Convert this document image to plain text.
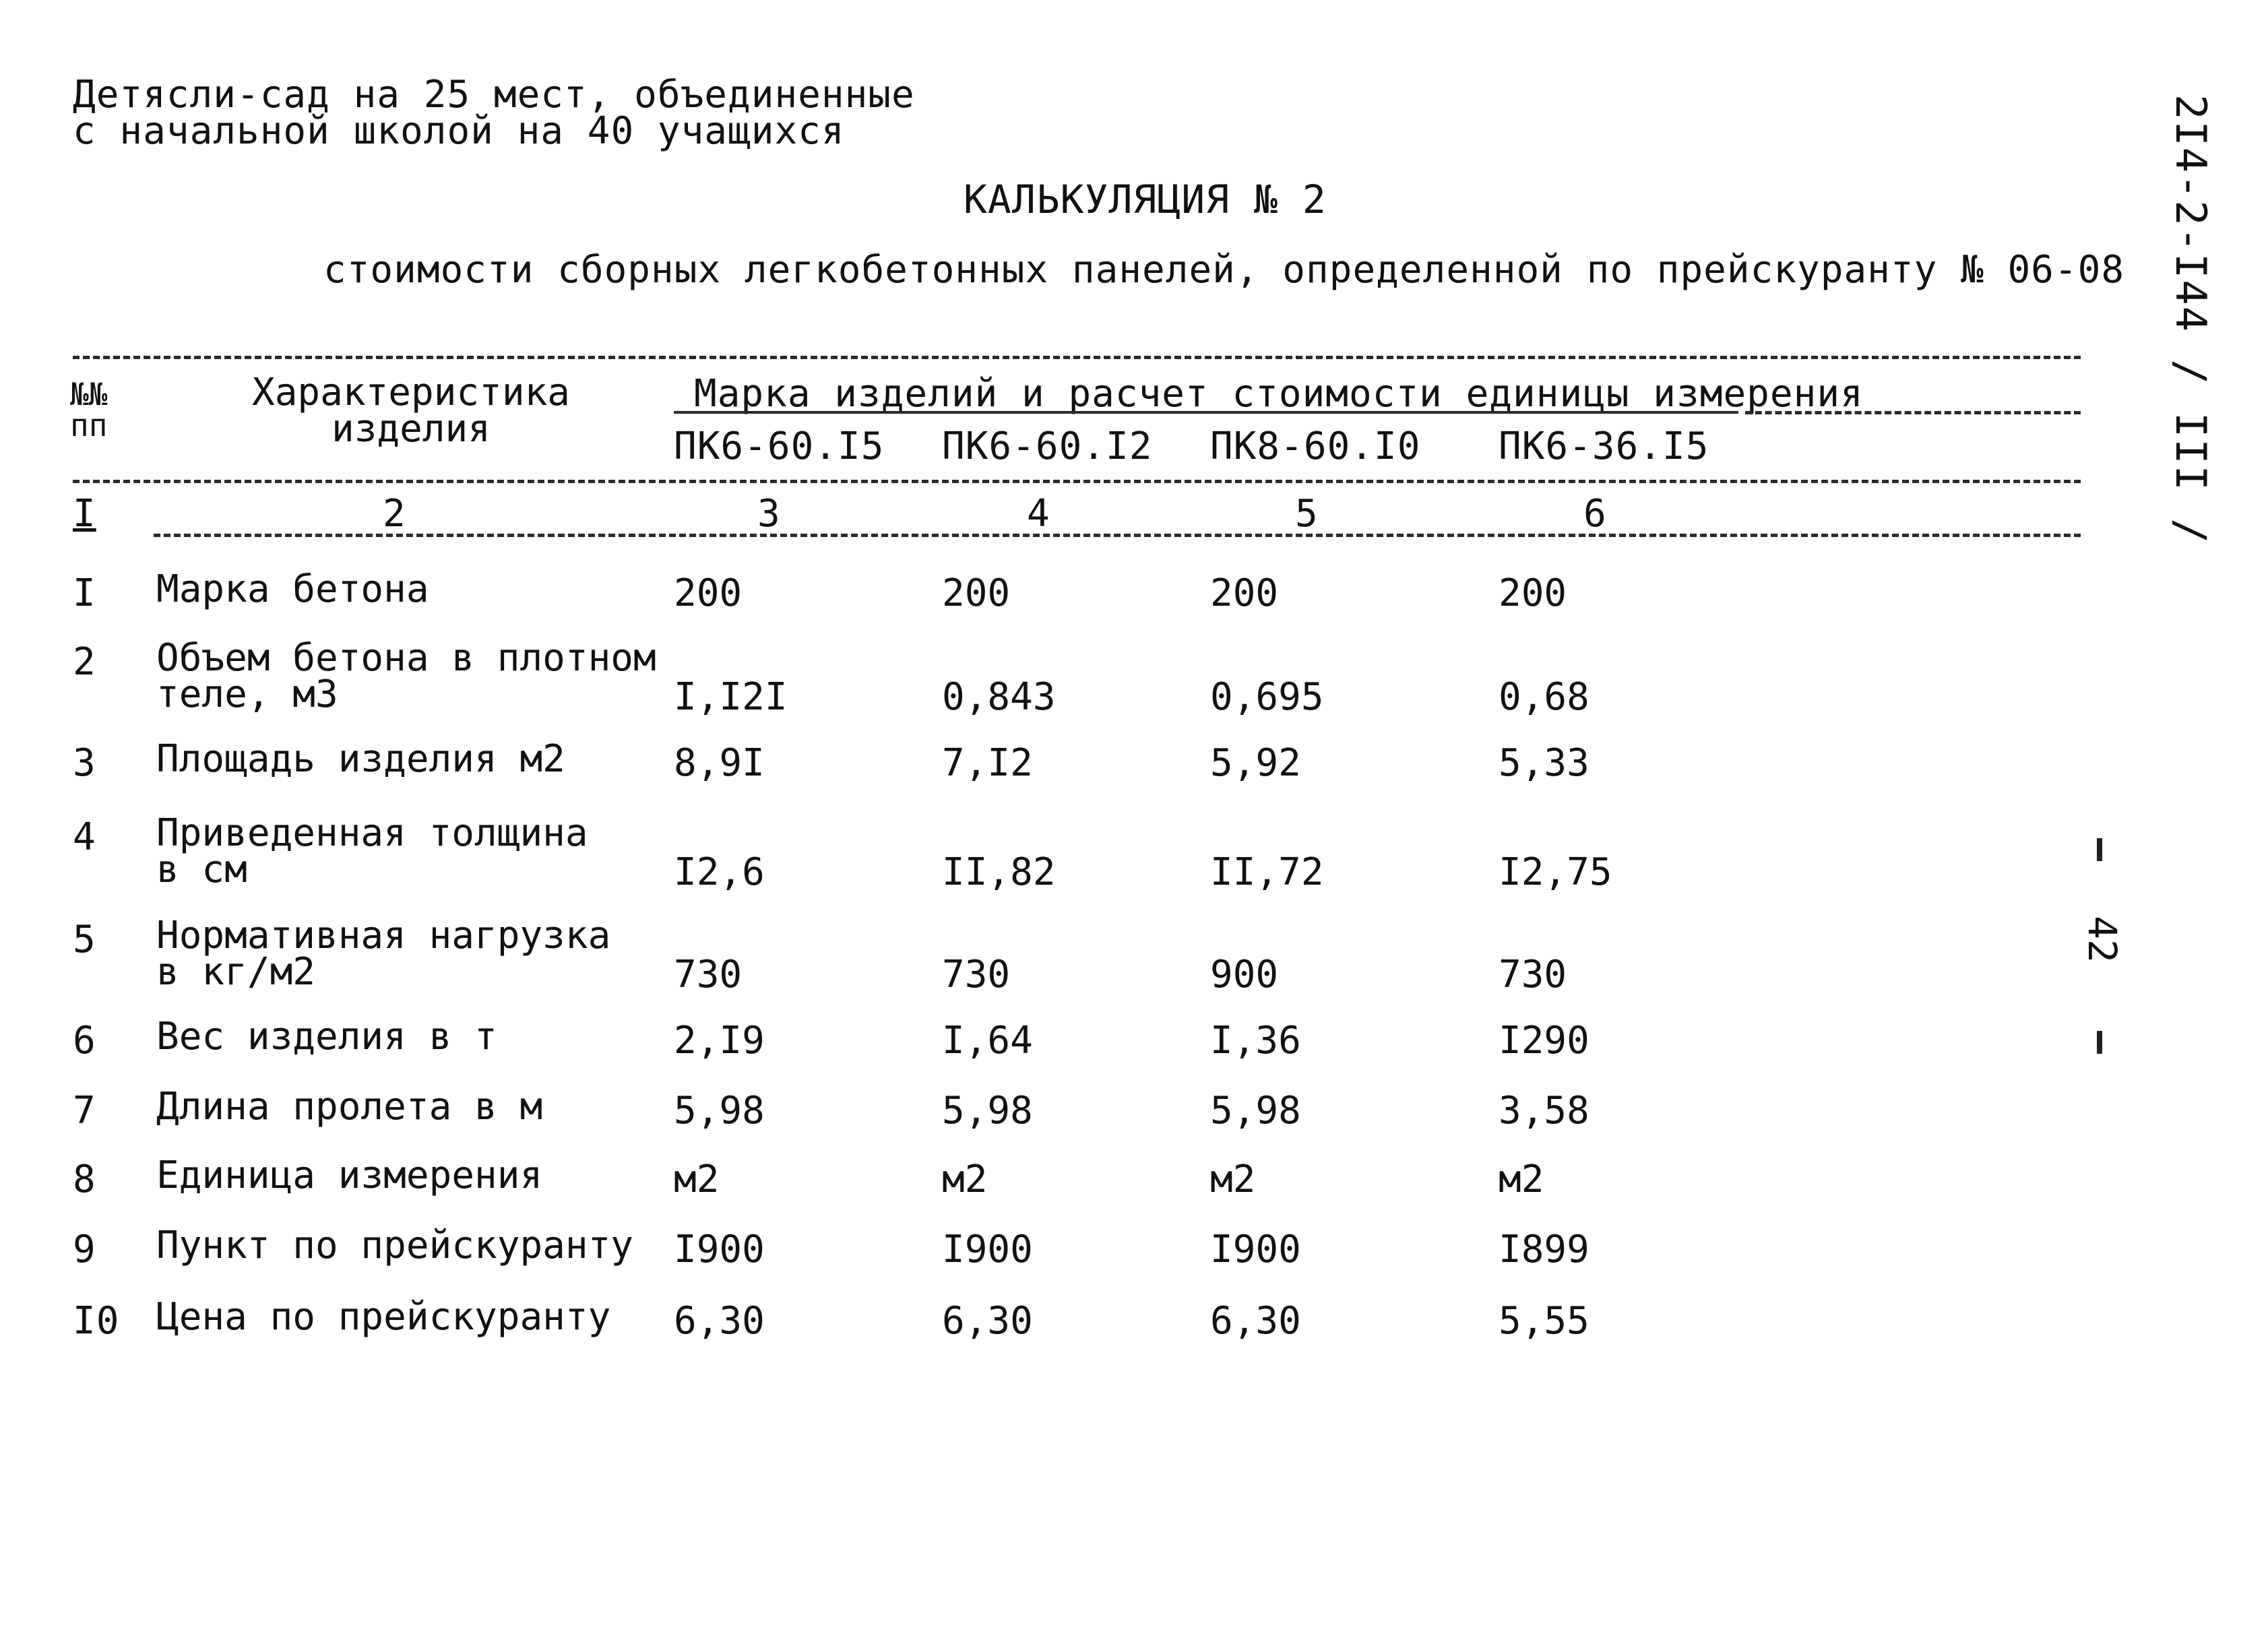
Детясли-сад на 25 мест, объединенные
с начальной школой на 40 учащихся
КАЛЬКУЛЯЦИЯ № 2
стоимости сборных легкобетонных панелей, определенной по прейскуранту № 06-08 2I4-2-I44 / III /
42
№№
пп
Характеристика
изделия
Марка изделий и расчет стоимости единицы измерения
ПК6-60.I5 ПК6-60.I2 ПК8-60.I0 ПК6-36.I5
I	2	3	4	5	6
I Марка бетона	200	200	200	200
2 Объем бетона в плотном
теле, м3	I,I2I	0,843	0,695	0,68
3 Площадь изделия м2	8,9I	7,I2	5,92	5,33
4 Приведенная толщина
в см	I2,6	II,82	II,72	I2,75
5 Нормативная нагрузка
в кг/м2	730	730	900	730
6 Вес изделия в т	2,I9	I,64	I,36	I290
7 Длина пролета в м	5,98	5,98	5,98	3,58
8 Единица измерения	м2	м2	м2	м2
9 Пункт по прейскуранту I900	I900	I900	I899
I0 Цена по прейскуранту 6,30	6,30	6,30	5,55
